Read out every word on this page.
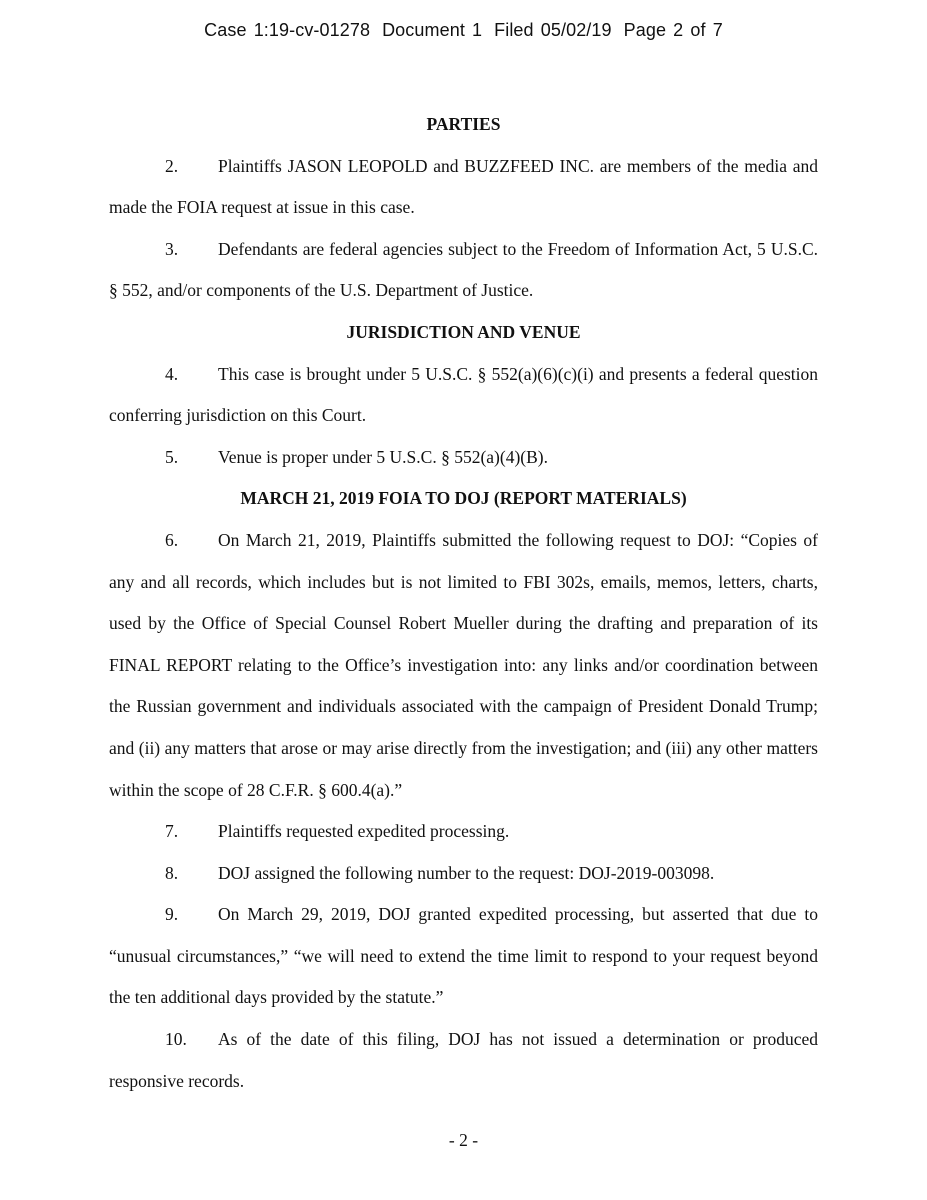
Case 1:19-cv-01278 Document 1 Filed 05/02/19 Page 2 of 7

PARTIES

2. Plaintiffs JASON LEOPOLD and BUZZFEED INC. are members of the media and made the FOIA request at issue in this case.

3. Defendants are federal agencies subject to the Freedom of Information Act, 5 U.S.C. § 552, and/or components of the U.S. Department of Justice.

JURISDICTION AND VENUE

4. This case is brought under 5 U.S.C. § 552(a)(6)(c)(i) and presents a federal question conferring jurisdiction on this Court.

5. Venue is proper under 5 U.S.C. § 552(a)(4)(B).

MARCH 21, 2019 FOIA TO DOJ (REPORT MATERIALS)

6. On March 21, 2019, Plaintiffs submitted the following request to DOJ: “Copies of any and all records, which includes but is not limited to FBI 302s, emails, memos, letters, charts, used by the Office of Special Counsel Robert Mueller during the drafting and preparation of its FINAL REPORT relating to the Office’s investigation into: any links and/or coordination between the Russian government and individuals associated with the campaign of President Donald Trump; and (ii) any matters that arose or may arise directly from the investigation; and (iii) any other matters within the scope of 28 C.F.R. § 600.4(a).”

7. Plaintiffs requested expedited processing.

8. DOJ assigned the following number to the request: DOJ-2019-003098.

9. On March 29, 2019, DOJ granted expedited processing, but asserted that due to “unusual circumstances,” “we will need to extend the time limit to respond to your request beyond the ten additional days provided by the statute.”

10. As of the date of this filing, DOJ has not issued a determination or produced responsive records.

- 2 -
